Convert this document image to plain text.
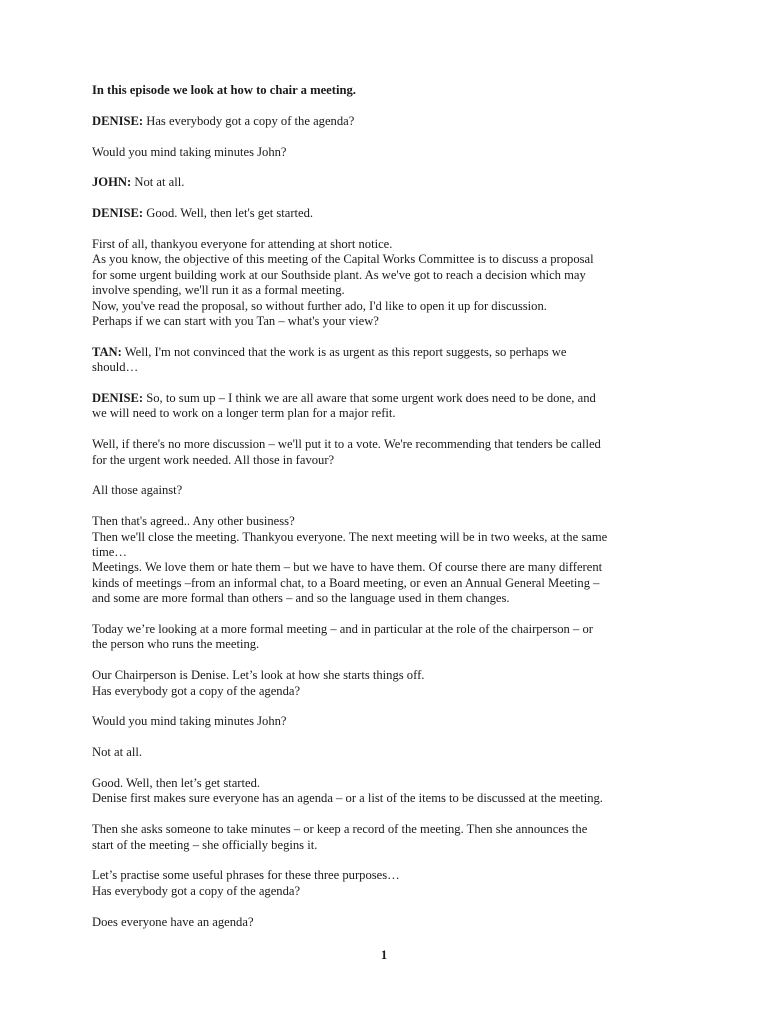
In this episode we look at how to chair a meeting.

DENISE: Has everybody got a copy of the agenda?

Would you mind taking minutes John?

JOHN: Not at all.

DENISE: Good. Well, then let's get started.

First of all, thankyou everyone for attending at short notice.

As you know, the objective of this meeting of the Capital Works Committee is to discuss a proposal

for some urgent building work at our Southside plant. As we've got to reach a decision which may

involve spending, we'll run it as a formal meeting.

Now, you've read the proposal, so without further ado, I'd like to open it up for discussion.

Perhaps if we can start with you Tan – what's your view?

TAN: Well, I'm not convinced that the work is as urgent as this report suggests, so perhaps we

should…

DENISE: So, to sum up – I think we are all aware that some urgent work does need to be done, and

we will need to work on a longer term plan for a major refit.

Well, if there's no more discussion – we'll put it to a vote. We're recommending that tenders be called

for the urgent work needed. All those in favour?

All those against?

Then that's agreed.. Any other business?

Then we'll close the meeting. Thankyou everyone. The next meeting will be in two weeks, at the same

time…

Meetings. We love them or hate them – but we have to have them. Of course there are many different

kinds of meetings –from an informal chat, to a Board meeting, or even an Annual General Meeting –

and some are more formal than others – and so the language used in them changes.

Today we’re looking at a more formal meeting – and in particular at the role of the chairperson – or

the person who runs the meeting.

Our Chairperson is Denise. Let’s look at how she starts things off.

Has everybody got a copy of the agenda?

Would you mind taking minutes John?

Not at all.

Good. Well, then let’s get started.

Denise first makes sure everyone has an agenda – or a list of the items to be discussed at the meeting.

Then she asks someone to take minutes – or keep a record of the meeting. Then she announces the

start of the meeting – she officially begins it.

Let’s practise some useful phrases for these three purposes…

Has everybody got a copy of the agenda?

Does everyone have an agenda?

1
